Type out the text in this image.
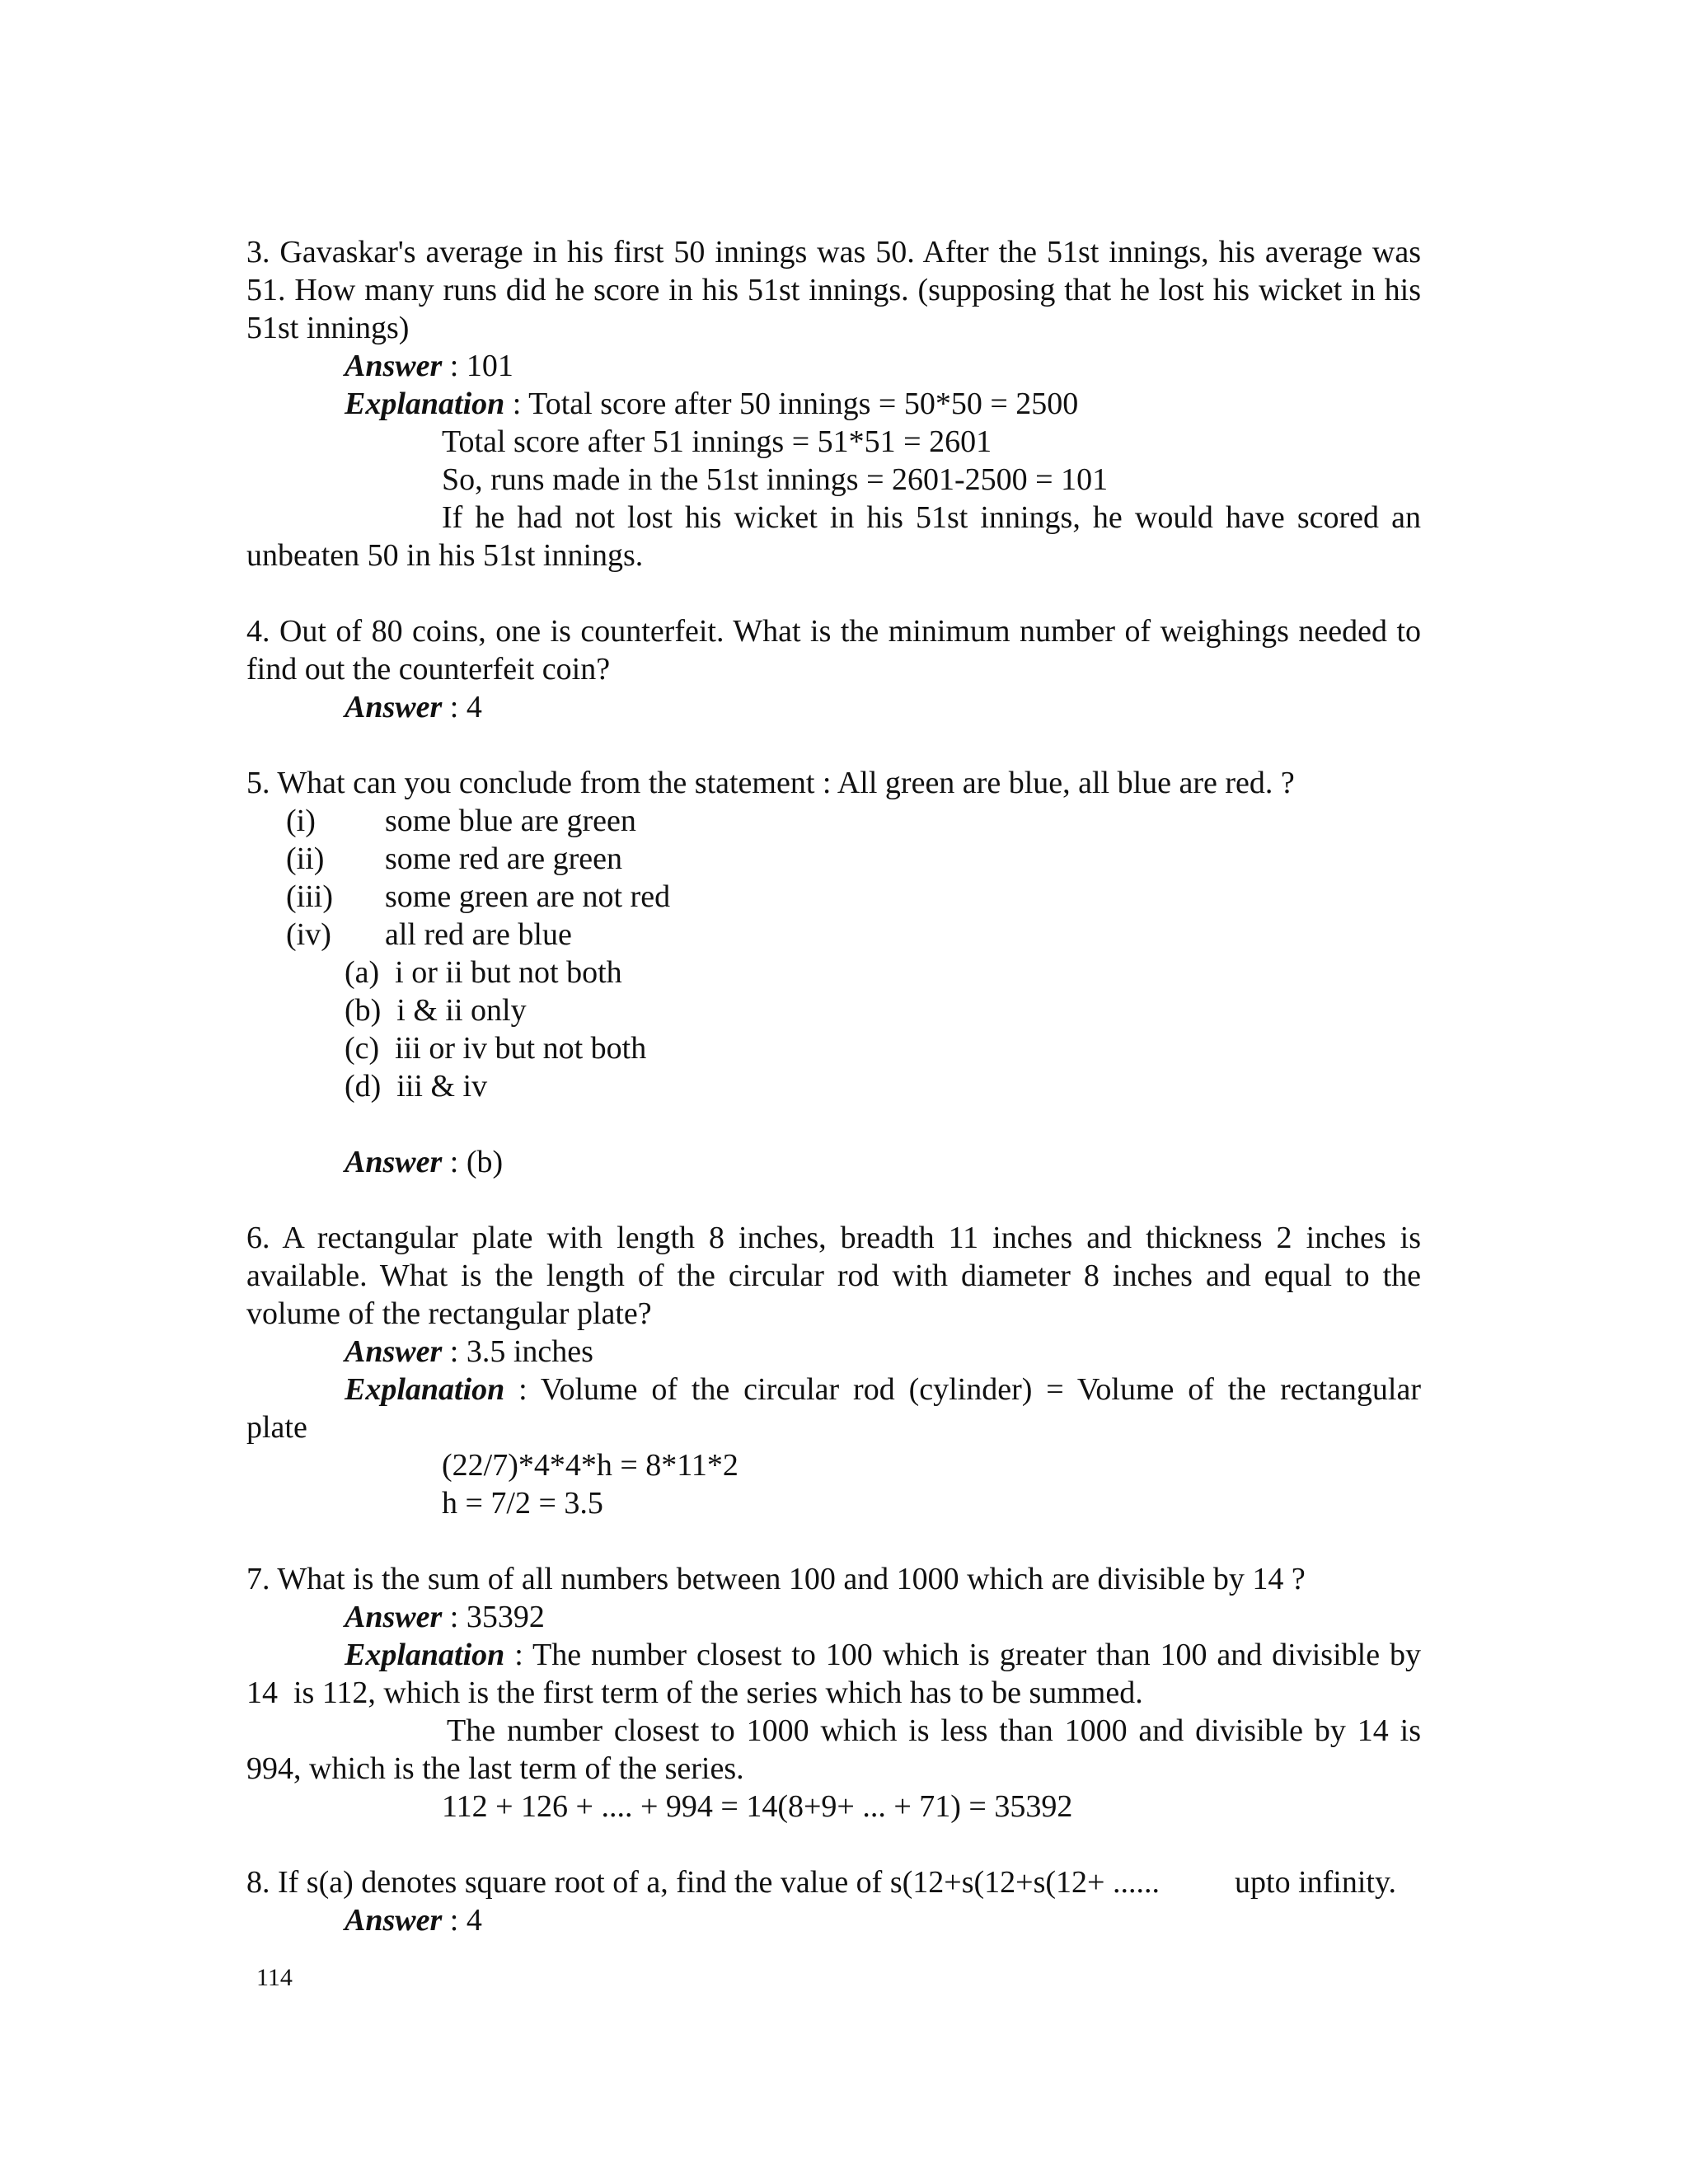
3. Gavaskar's average in his first 50 innings was 50. After the 51st innings, his average was 51. How many runs did he score in his 51st innings. (supposing that he lost his wicket in his 51st innings)

Answer : 101

Explanation : Total score after 50 innings = 50*50 = 2500

Total score after 51 innings = 51*51 = 2601

So, runs made in the 51st innings = 2601-2500 = 101

If he had not lost his wicket in his 51st innings, he would have scored an

unbeaten 50 in his 51st innings.

4. Out of 80 coins, one is counterfeit. What is the minimum number of weighings needed to find out the counterfeit coin?

Answer : 4

5. What can you conclude from the statement : All green are blue, all blue are red. ?

(i)	some blue are green
(ii)	some red are green
(iii)	some green are not red
(iv)	all red are blue

(a)  i or ii but not both

(b)  i & ii only

(c)  iii or iv but not both

(d)  iii & iv

Answer : (b)

6. A rectangular plate with length 8 inches, breadth 11 inches and thickness 2 inches is available. What is the length of the circular rod with diameter 8 inches and equal to the volume of the rectangular plate?

Answer : 3.5 inches

Explanation : Volume of the circular rod (cylinder) = Volume of the rectangular

plate

(22/7)*4*4*h = 8*11*2

h = 7/2 = 3.5

7. What is the sum of all numbers between 100 and 1000 which are divisible by 14 ?

Answer : 35392

Explanation : The number closest to 100 which is greater than 100 and divisible by

14  is 112, which is the first term of the series which has to be summed.

The number closest to 1000 which is less than 1000 and divisible by 14 is

994, which is the last term of the series.

112 + 126 + .... + 994 = 14(8+9+ ... + 71) = 35392

8. If s(a) denotes square root of a, find the value of s(12+s(12+s(12+ ...... upto infinity.

Answer : 4

114
